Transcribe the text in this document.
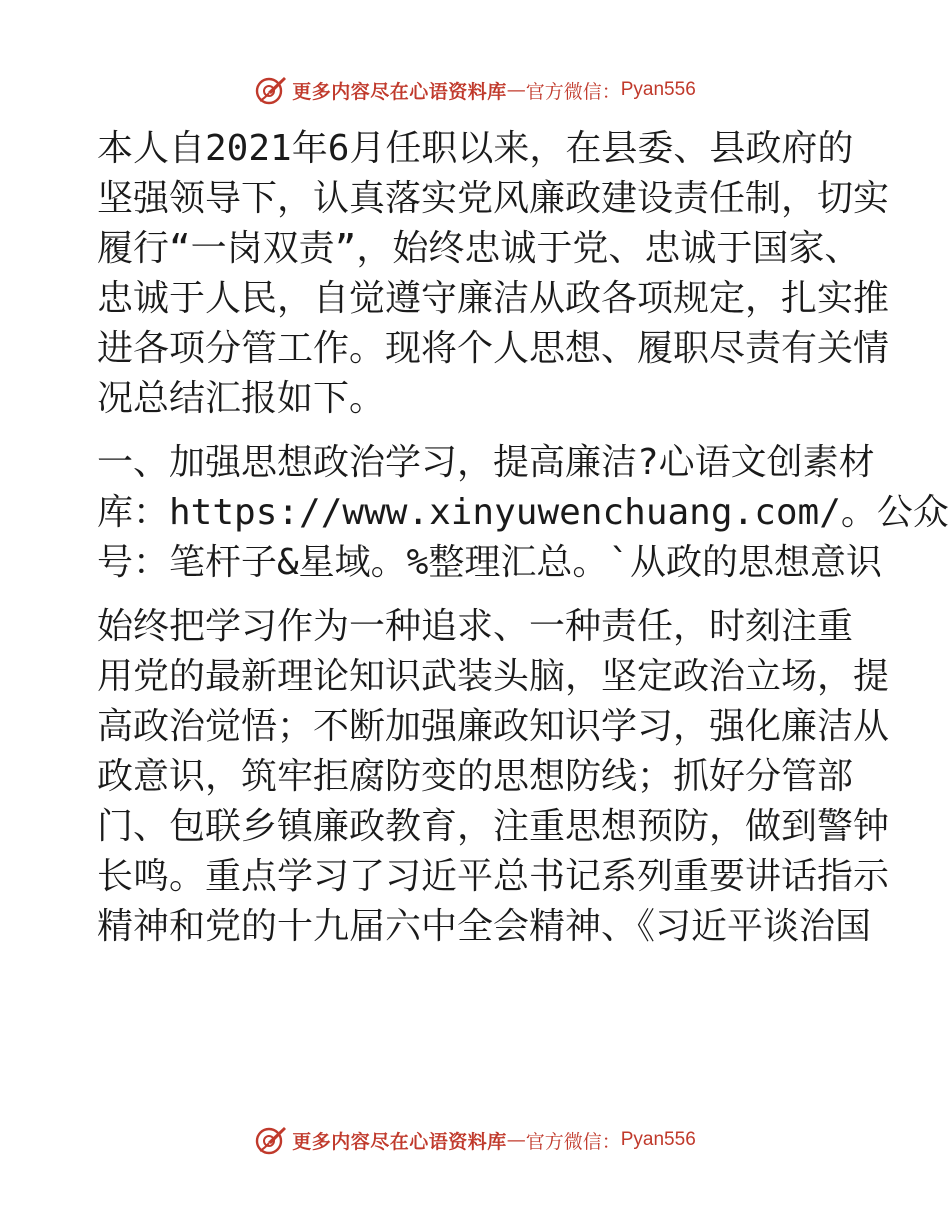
更多内容尽在心语资料库 — 官方微信： Pyan556
本人自2021年6月任职以来，在县委、县政府的
坚强领导下，认真落实党风廉政建设责任制，切实
履行“一岗双责”，始终忠诚于党、忠诚于国家、
忠诚于人民，自觉遵守廉洁从政各项规定，扎实推
进各项分管工作。现将个人思想、履职尽责有关情
况总结汇报如下。
一、加强思想政治学习，提高廉洁?心语文创素材
库：https://www.xinyuwenchuang.com/。公众
号：笔杆子&星域。%整理汇总。`从政的思想意识
始终把学习作为一种追求、一种责任，时刻注重
用党的最新理论知识武装头脑，坚定政治立场，提
高政治觉悟；不断加强廉政知识学习，强化廉洁从
政意识，筑牢拒腐防变的思想防线；抓好分管部
门、包联乡镇廉政教育，注重思想预防，做到警钟
长鸣。重点学习了习近平总书记系列重要讲话指示
精神和党的十九届六中全会精神、《习近平谈治国
更多内容尽在心语资料库 — 官方微信： Pyan556
